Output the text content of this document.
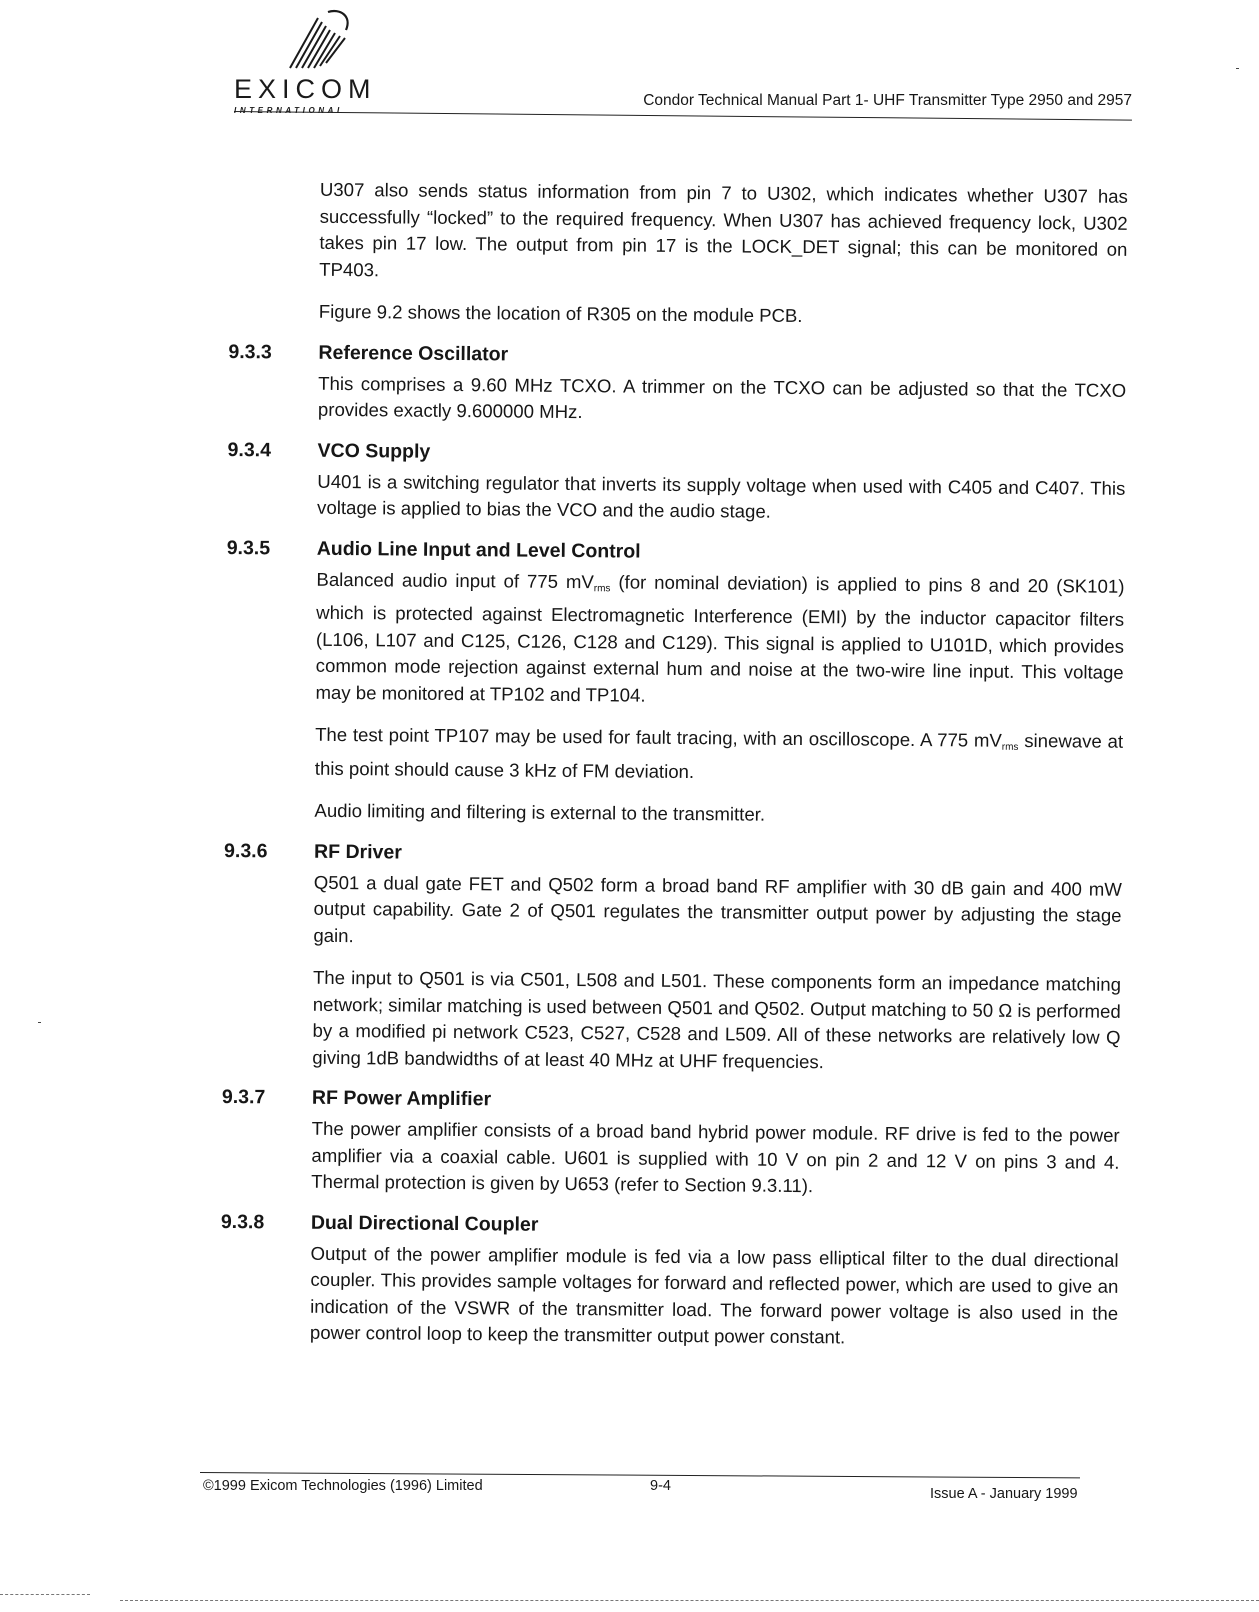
EXICOM
INTERNATIONAL
Condor Technical Manual Part 1- UHF Transmitter Type 2950 and 2957

U307 also sends status information from pin 7 to U302, which indicates whether U307 has successfully “locked” to the required frequency. When U307 has achieved frequency lock, U302 takes pin 17 low. The output from pin 17 is the LOCK_DET signal; this can be monitored on TP403.

Figure 9.2 shows the location of R305 on the module PCB.

9.3.3	Reference Oscillator

This comprises a 9.60 MHz TCXO. A trimmer on the TCXO can be adjusted so that the TCXO provides exactly 9.600000 MHz.

9.3.4	VCO Supply

U401 is a switching regulator that inverts its supply voltage when used with C405 and C407. This voltage is applied to bias the VCO and the audio stage.

9.3.5	Audio Line Input and Level Control

Balanced audio input of 775 $mV_{rms}$ (for nominal deviation) is applied to pins 8 and 20 (SK101) which is protected against Electromagnetic Interference (EMI) by the inductor capacitor filters (L106, L107 and C125, C126, C128 and C129). This signal is applied to U101D, which provides common mode rejection against external hum and noise at the two-wire line input. This voltage may be monitored at TP102 and TP104.

The test point TP107 may be used for fault tracing, with an oscilloscope. A 775 $mV_{rms}$ sinewave at this point should cause 3 kHz of FM deviation.

Audio limiting and filtering is external to the transmitter.

9.3.6	RF Driver

Q501 a dual gate FET and Q502 form a broad band RF amplifier with 30 dB gain and 400 mW output capability. Gate 2 of Q501 regulates the transmitter output power by adjusting the stage gain.

The input to Q501 is via C501, L508 and L501. These components form an impedance matching network; similar matching is used between Q501 and Q502. Output matching to 50 Ω is performed by a modified pi network C523, C527, C528 and L509. All of these networks are relatively low Q giving 1dB bandwidths of at least 40 MHz at UHF frequencies.

9.3.7	RF Power Amplifier

The power amplifier consists of a broad band hybrid power module. RF drive is fed to the power amplifier via a coaxial cable. U601 is supplied with 10 V on pin 2 and 12 V on pins 3 and 4. Thermal protection is given by U653 (refer to Section 9.3.11).

9.3.8	Dual Directional Coupler

Output of the power amplifier module is fed via a low pass elliptical filter to the dual directional coupler. This provides sample voltages for forward and reflected power, which are used to give an indication of the VSWR of the transmitter load. The forward power voltage is also used in the power control loop to keep the transmitter output power constant.

©1999 Exicom Technologies (1996) Limited	9-4	Issue A - January 1999
